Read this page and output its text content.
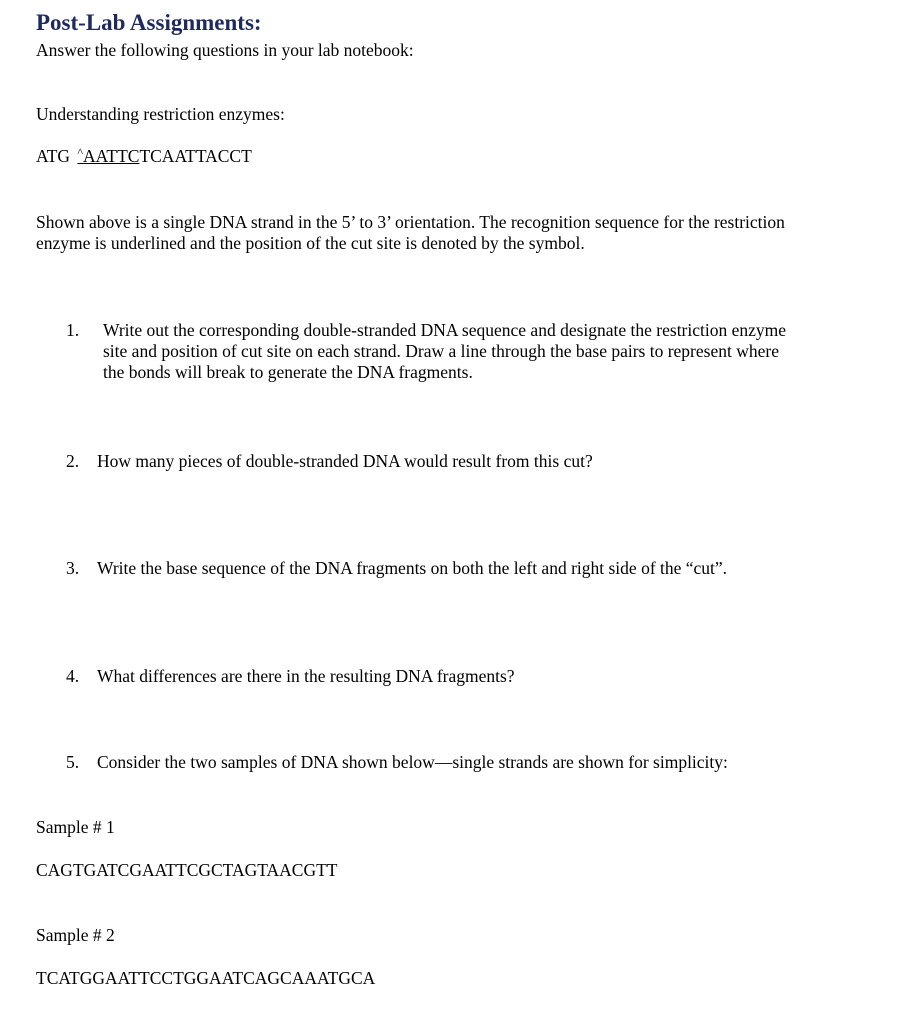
Post-Lab Assignments:
Answer the following questions in your lab notebook:
Understanding restriction enzymes:
ATG ^AATTCTCAATTACCT
Shown above is a single DNA strand in the 5’ to 3’ orientation. The recognition sequence for the restriction enzyme is underlined and the position of the cut site is denoted by the symbol.
1. Write out the corresponding double-stranded DNA sequence and designate the restriction enzyme site and position of cut site on each strand. Draw a line through the base pairs to represent where the bonds will break to generate the DNA fragments.
2. How many pieces of double-stranded DNA would result from this cut?
3. Write the base sequence of the DNA fragments on both the left and right side of the “cut”.
4. What differences are there in the resulting DNA fragments?
5. Consider the two samples of DNA shown below—single strands are shown for simplicity:
Sample # 1
CAGTGATCGAATTCGCTAGTAACGTT
Sample # 2
TCATGGAATTCCTGGAATCAGCAAATGCA
